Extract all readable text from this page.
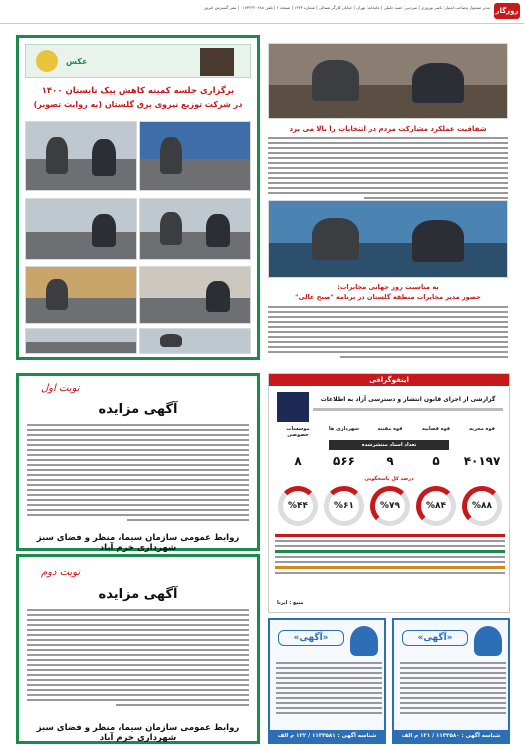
روزگار
مدیر مسئول وصاحب امتیاز: ناصر نوروزی | سردبیر: حمید خلیلی | چاپخانه: تهران | خیابان کارگر شمالی | شماره ۱۳۴۳ | صفحه ۲ | تلفن ۰۱۷۳۲۳۲۰۴۸۸ | نشر گسترش امروز
عکس
برگزاری جلسه کمیته کاهش پیک تابستان ۱۴۰۰
در شرکت توزیع نیروی برق گلستان (به روایت تصویر)
شفافیت عملکرد مشارکت مردم در انتخابات را بالا می برد
به مناسبت روز جهانی مخابرات:
حضور مدیر مخابرات منطقه گلستان در برنامه "صبح عالی"
نوبت اول
آگهی مزایده
روابط عمومی سازمان سیما، منظر و فضای سبز شهرداری خرم آباد
نوبت دوم
آگهی مزایده
روابط عمومی سازمان سیما، منظر و فضای سبز شهرداری خرم آباد
اینفوگرافی
گزارشی از اجرای قانون انتشار و دسترسی آزاد به اطلاعات
قوه مجریه
قوه قضاییه
قوه مقننه
شهرداری ها
موسسات خصوصی
تعداد اسناد منتشرشده
۴۰۱۹۷
۵
۹
۵۶۶
۸
درصد کل پاسخگویی
%۸۸
%۸۴
%۷۹
%۶۱
%۴۴
منبع : ایرنا
«آگهی»
شناسه آگهی : ۱۱۳۳۵۸۱ / ۱۲۲ م الف
«آگهی»
شناسه آگهی : ۱۱۳۳۵۸۰ / ۱۲۱ م الف
